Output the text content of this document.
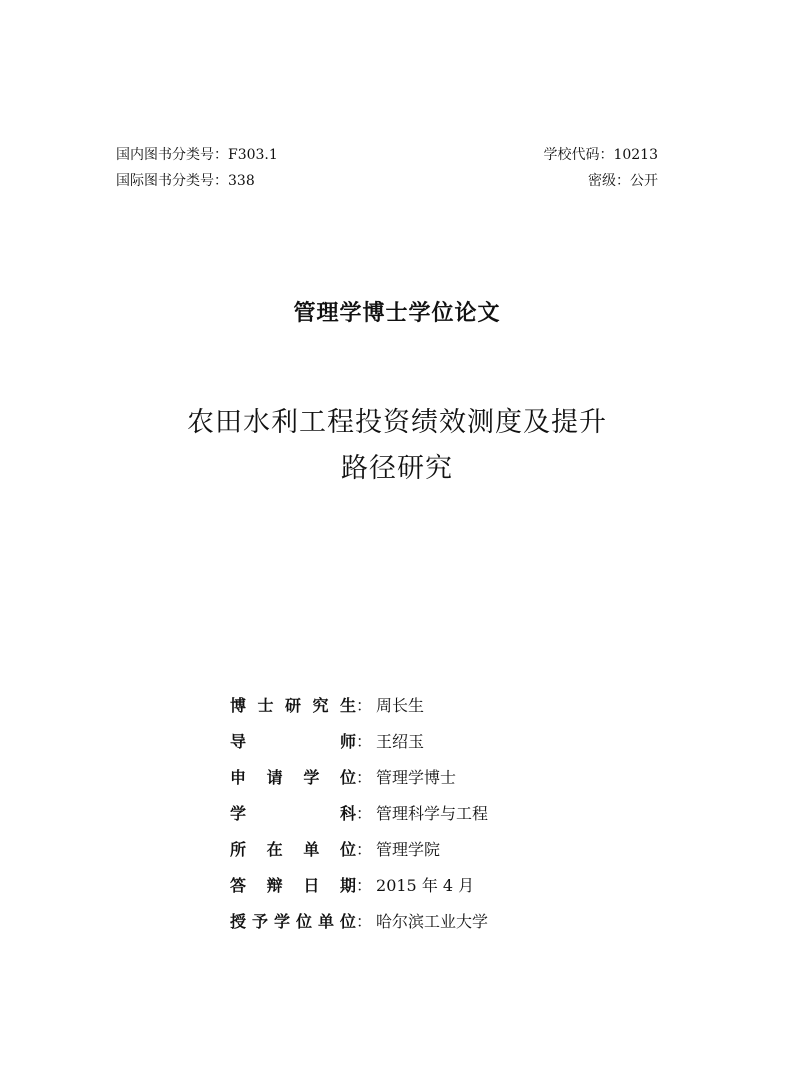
国内图书分类号：F303.1	学校代码：10213
国际图书分类号：338	密级：公开
管理学博士学位论文
农田水利工程投资绩效测度及提升
路径研究
博 士 研 究 生 ： 周长生
导	师 ： 王绍玉
申 请 学 位 ： 管理学博士
学	科 ： 管理科学与工程
所 在 单 位 ： 管理学院
答 辩 日 期 ： 2015 年 4 月
授 予 学 位 单 位 ： 哈尔滨工业大学
